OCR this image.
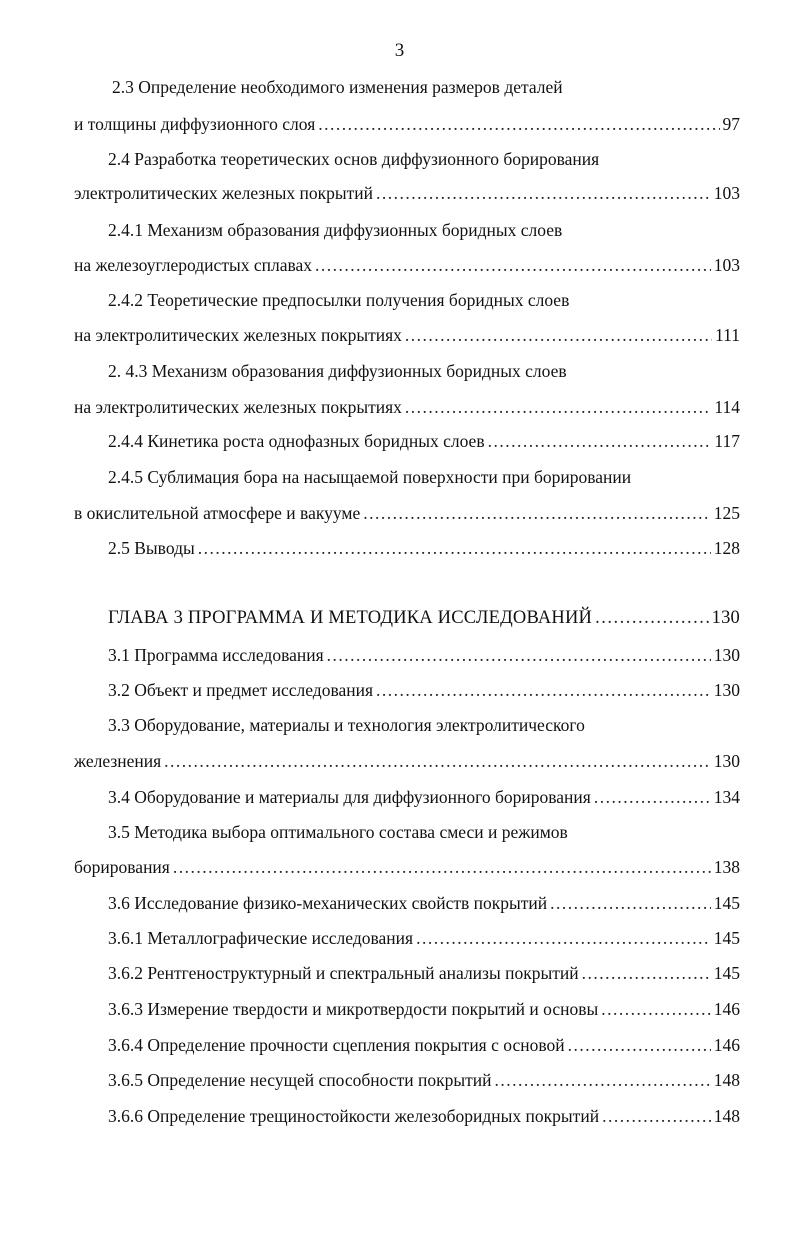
3
2.3 Определение необходимого изменения размеров деталей
и толщины диффузионного слоя .....	97
2.4 Разработка теоретических основ диффузионного борирования
электролитических железных покрытий .....	103
2.4.1 Механизм образования диффузионных боридных слоев
на железоуглеродистых сплавах .....	103
2.4.2 Теоретические предпосылки получения боридных слоев
на электролитических железных покрытиях .....	111
2. 4.3 Механизм образования диффузионных боридных слоев
на электролитических железных покрытиях .....	114
2.4.4 Кинетика роста однофазных боридных слоев .....	117
2.4.5 Сублимация бора на насыщаемой поверхности при борировании
в окислительной атмосфере и вакууме .....	125
2.5 Выводы .....	128
ГЛАВА 3 ПРОГРАММА И МЕТОДИКА ИССЛЕДОВАНИЙ .....	130
3.1 Программа исследования .....	130
3.2 Объект и предмет исследования .....	130
3.3 Оборудование, материалы и технология электролитического
железнения .....	130
3.4 Оборудование и материалы для диффузионного борирования .....	134
3.5 Методика выбора оптимального состава смеси и режимов
борирования .....	138
3.6 Исследование физико-механических свойств покрытий .....	145
3.6.1 Металлографические исследования .....	145
3.6.2 Рентгеноструктурный и спектральный анализы покрытий .....	145
3.6.3 Измерение твердости и микротвердости покрытий и основы .....	146
3.6.4 Определение прочности сцепления покрытия с основой .....	146
3.6.5 Определение несущей способности покрытий .....	148
3.6.6 Определение трещиностойкости железоборидных покрытий .....	148
